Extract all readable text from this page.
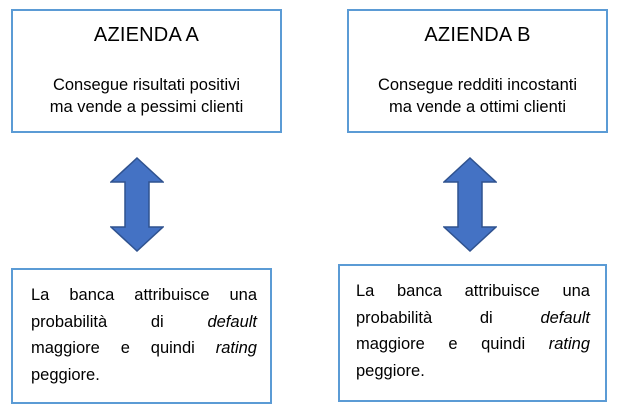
AZIENDA A
Consegue risultati positivi
ma vende a pessimi clienti
AZIENDA B
Consegue redditi incostanti
ma vende a ottimi clienti
La banca attribuisce una
probabilità	di	default
maggiore e quindi rating
peggiore.
La banca attribuisce una
probabilità	di	default
maggiore e quindi rating
peggiore.
